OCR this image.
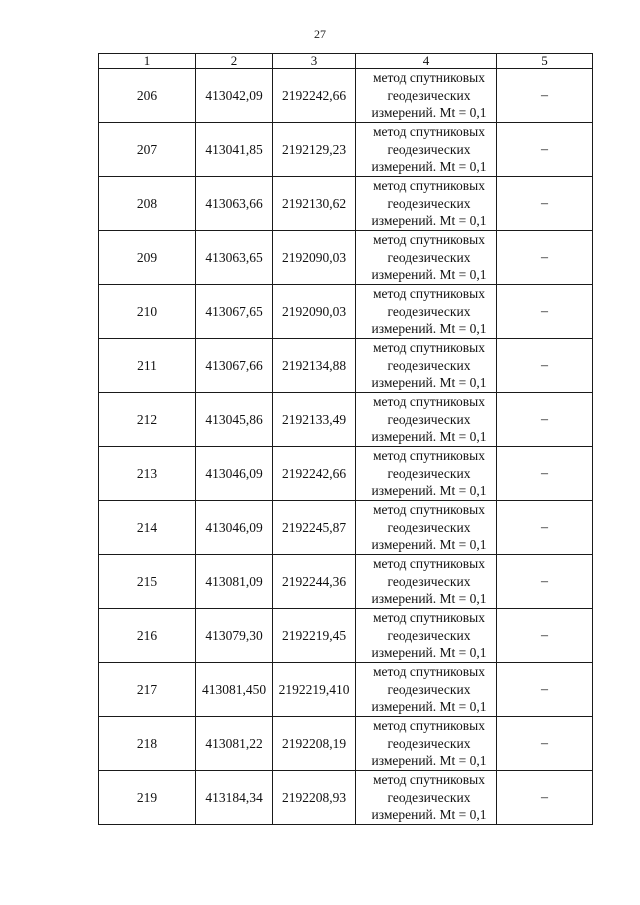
27
1	2	3	4	5
206	413042,09	2192242,66	метод спутниковых
геодезических
измерений. Mt = 0,1	–
207	413041,85	2192129,23	метод спутниковых
геодезических
измерений. Mt = 0,1	–
208	413063,66	2192130,62	метод спутниковых
геодезических
измерений. Mt = 0,1	–
209	413063,65	2192090,03	метод спутниковых
геодезических
измерений. Mt = 0,1	–
210	413067,65	2192090,03	метод спутниковых
геодезических
измерений. Mt = 0,1	–
211	413067,66	2192134,88	метод спутниковых
геодезических
измерений. Mt = 0,1	–
212	413045,86	2192133,49	метод спутниковых
геодезических
измерений. Mt = 0,1	–
213	413046,09	2192242,66	метод спутниковых
геодезических
измерений. Mt = 0,1	–
214	413046,09	2192245,87	метод спутниковых
геодезических
измерений. Mt = 0,1	–
215	413081,09	2192244,36	метод спутниковых
геодезических
измерений. Mt = 0,1	–
216	413079,30	2192219,45	метод спутниковых
геодезических
измерений. Mt = 0,1	–
217	413081,450	2192219,410	метод спутниковых
геодезических
измерений. Mt = 0,1	–
218	413081,22	2192208,19	метод спутниковых
геодезических
измерений. Mt = 0,1	–
219	413184,34	2192208,93	метод спутниковых
геодезических
измерений. Mt = 0,1	–
